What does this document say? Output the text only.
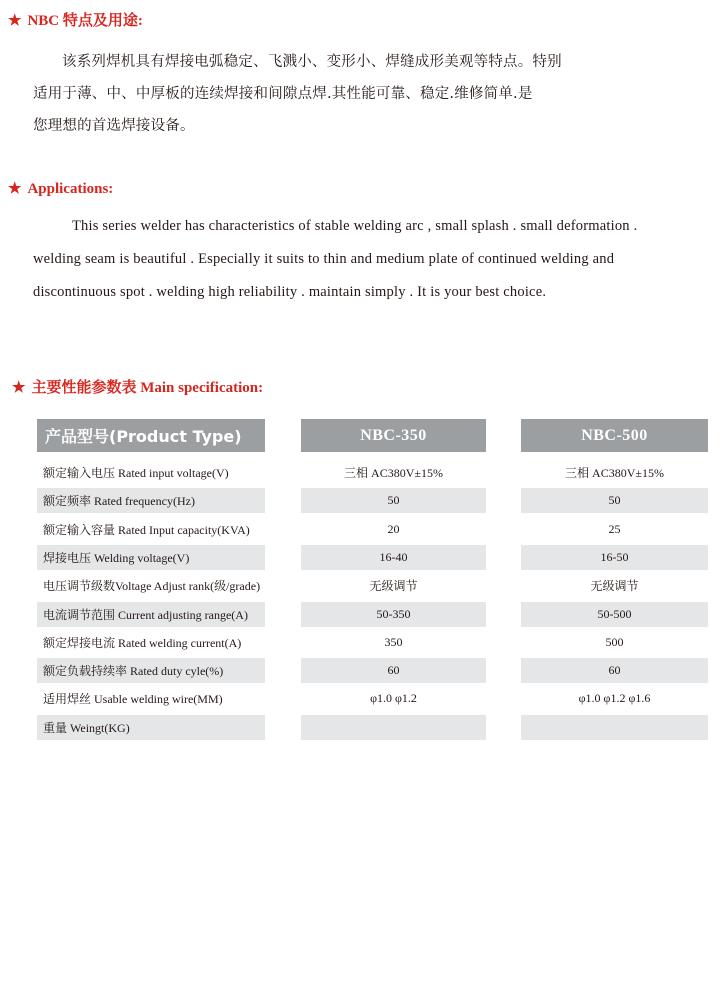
★ NBC 特点及用途:
该系列焊机具有焊接电弧稳定、飞溅小、变形小、焊缝成形美观等特点。特别
适用于薄、中、中厚板的连续焊接和间隙点焊.其性能可靠、稳定.维修简单.是
您理想的首选焊接设备。
★ Applications:
This series welder has characteristics of stable welding arc , small splash . small deformation .
welding seam is beautiful . Especially it suits to thin and medium plate of continued welding and
discontinuous spot . welding high reliability . maintain simply . It is your best choice.
★ 主要性能参数表 Main specification:
产品型号(Product Type)	NBC-350	NBC-500
额定输入电压 Rated input voltage(V)	三相 AC380V±15%	三相 AC380V±15%
额定频率 Rated frequency(Hz)	50	50
额定输入容量 Rated Input capacity(KVA)	20	25
焊接电压 Welding voltage(V)	16-40	16-50
电压调节级数Voltage Adjust rank(级/grade)	无级调节	无级调节
电流调节范围 Current adjusting range(A)	50-350	50-500
额定焊接电流 Rated welding current(A)	350	500
额定负载持续率 Rated duty cyle(%)	60	60
适用焊丝 Usable welding wire(MM)	φ1.0 φ1.2	φ1.0 φ1.2 φ1.6
重量 Weingt(KG)
